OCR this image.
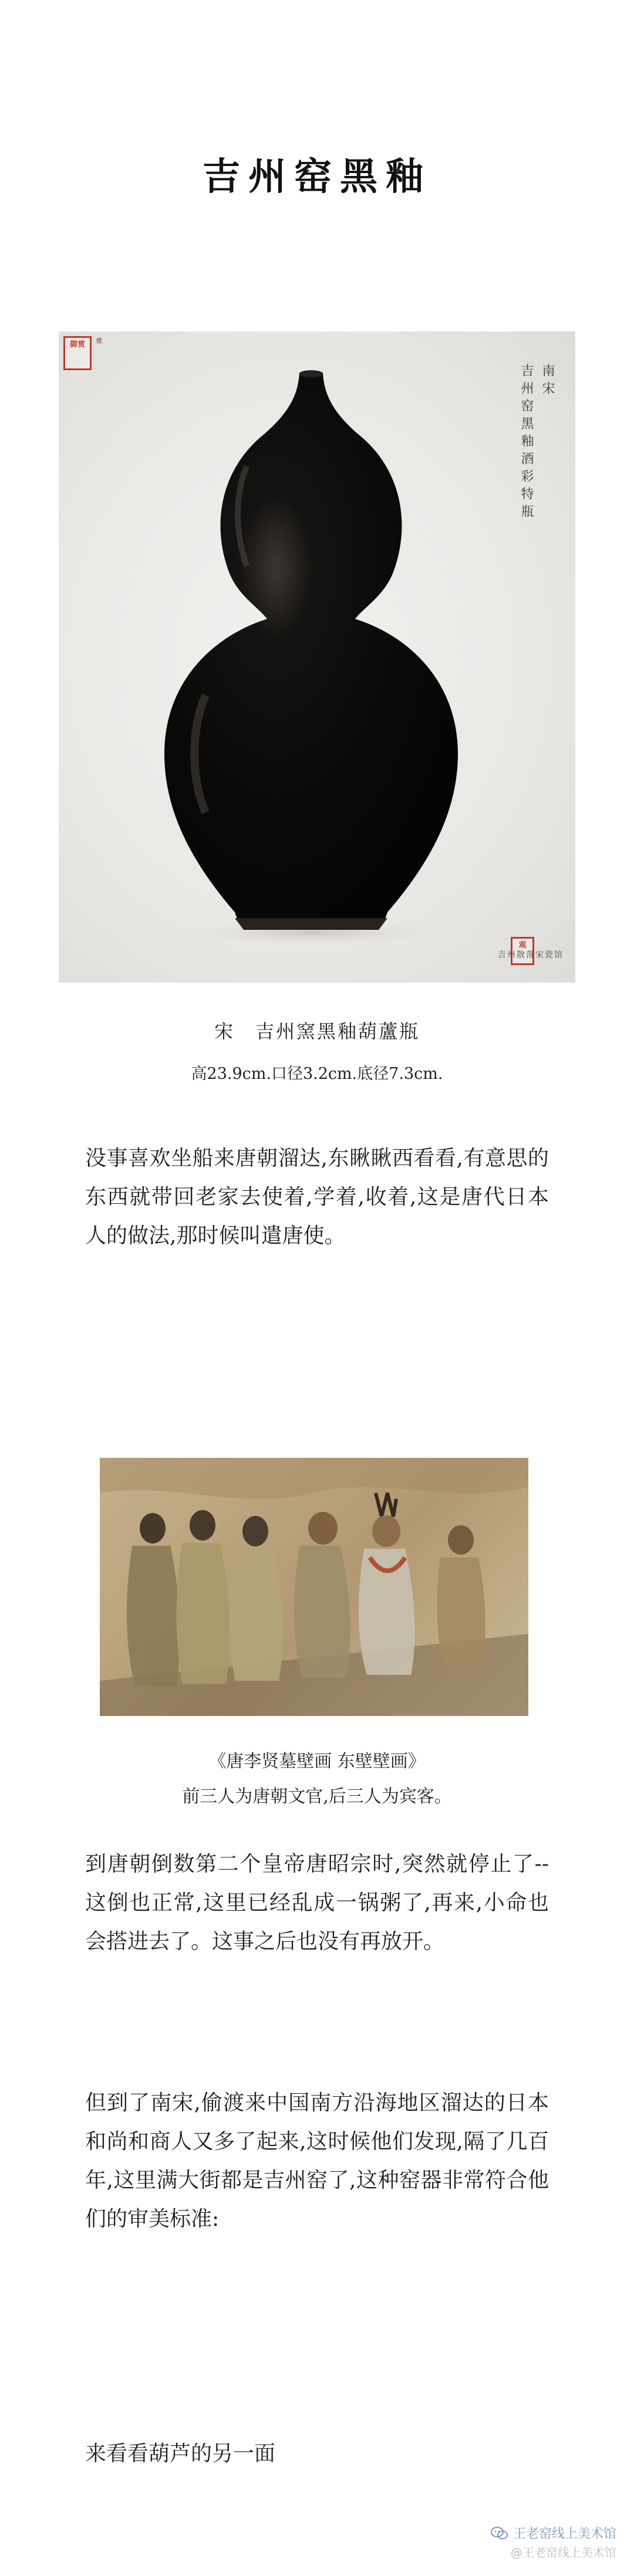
吉州窑黑釉
御赏	雅
南宋
吉州窑黑釉酒彩特瓶
观
吉州散落宋瓷馆
宋　吉州窯黑釉葫蘆瓶
高23.9cm.口径3.2cm.底径7.3cm.

没事喜欢坐船来唐朝溜达,东瞅瞅西看看,有意思的东西就带回老家去使着,学着,收着,这是唐代日本人的做法,那时候叫遣唐使。

《唐李贤墓壁画 东壁壁画》
前三人为唐朝文官,后三人为宾客。

到唐朝倒数第二个皇帝唐昭宗时,突然就停止了--这倒也正常,这里已经乱成一锅粥了,再来,小命也会搭进去了。这事之后也没有再放开。

但到了南宋,偷渡来中国南方沿海地区溜达的日本和尚和商人又多了起来,这时候他们发现,隔了几百年,这里满大街都是吉州窑了,这种窑器非常符合他们的审美标准:

来看看葫芦的另一面

王老窑线上美术馆
@王老窑线上美术馆
